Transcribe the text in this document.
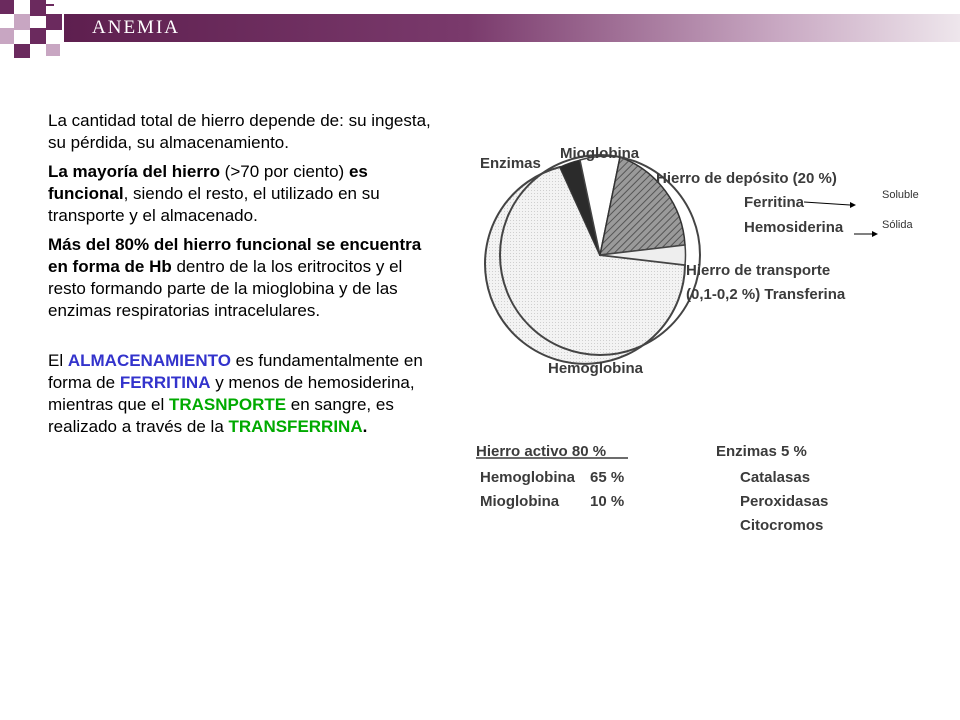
ANEMIA

La cantidad total de hierro depende de: su ingesta, su pérdida, su almacenamiento.

La mayoría del hierro (>70 por ciento) es funcional, siendo el resto, el utilizado en su transporte y el almacenado.

Más del 80% del hierro funcional se encuentra en forma de Hb dentro de la los eritrocitos y el resto formando parte de la mioglobina y de las enzimas respiratorias intracelulares.

El ALMACENAMIENTO es fundamentalmente en forma de FERRITINA y menos de hemosiderina, mientras que el TRASNPORTE en sangre, es realizado a través de la TRANSFERRINA.

Enzimas
Mioglobina
Hierro de depósito (20 %)
Ferritina
Hemosiderina
Hierro de transporte
(0,1-0,2 %) Transferina
Hemoglobina
Soluble
Sólida
Hierro activo 80 %
Hemoglobina 65 %
Mioglobina 10 %
Enzimas 5 %
Catalasas
Peroxidasas
Citocromos
